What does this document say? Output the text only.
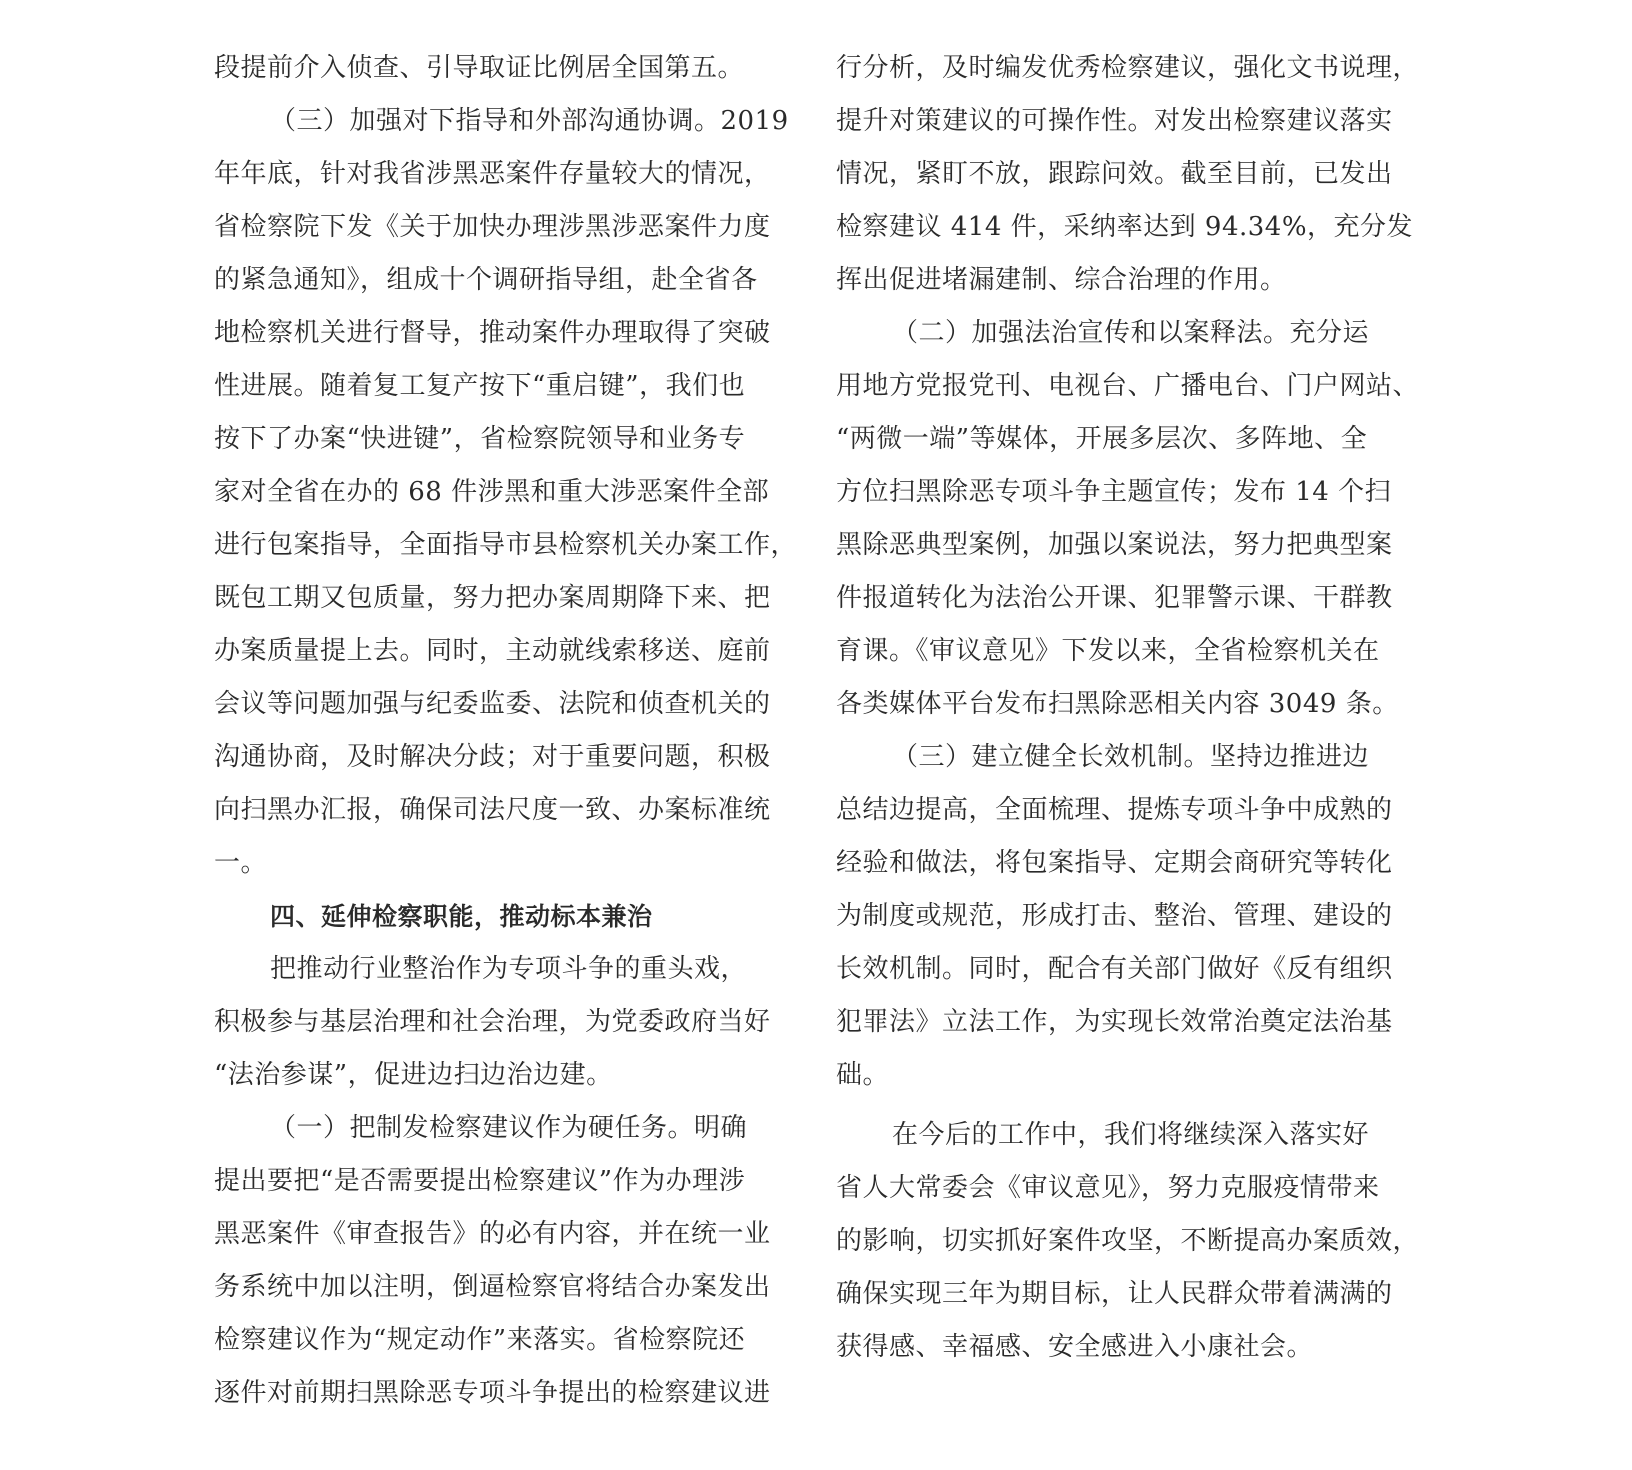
段提前介入侦查、引导取证比例居全国第五。
（三）加强对下指导和外部沟通协调。2019
年年底，针对我省涉黑恶案件存量较大的情况，
省检察院下发《关于加快办理涉黑涉恶案件力度
的紧急通知》，组成十个调研指导组，赴全省各
地检察机关进行督导，推动案件办理取得了突破
性进展。随着复工复产按下“重启键”，我们也
按下了办案“快进键”，省检察院领导和业务专
家对全省在办的 68 件涉黑和重大涉恶案件全部
进行包案指导，全面指导市县检察机关办案工作，
既包工期又包质量，努力把办案周期降下来、把
办案质量提上去。同时，主动就线索移送、庭前
会议等问题加强与纪委监委、法院和侦查机关的
沟通协商，及时解决分歧；对于重要问题，积极
向扫黑办汇报，确保司法尺度一致、办案标准统
一。
四、延伸检察职能，推动标本兼治
把推动行业整治作为专项斗争的重头戏，
积极参与基层治理和社会治理，为党委政府当好
“法治参谋”，促进边扫边治边建。
（一）把制发检察建议作为硬任务。明确
提出要把“是否需要提出检察建议”作为办理涉
黑恶案件《审查报告》的必有内容，并在统一业
务系统中加以注明，倒逼检察官将结合办案发出
检察建议作为“规定动作”来落实。省检察院还
逐件对前期扫黑除恶专项斗争提出的检察建议进
行分析，及时编发优秀检察建议，强化文书说理，
提升对策建议的可操作性。对发出检察建议落实
情况，紧盯不放，跟踪问效。截至目前，已发出
检察建议 414 件，采纳率达到 94.34%，充分发
挥出促进堵漏建制、综合治理的作用。
（二）加强法治宣传和以案释法。充分运
用地方党报党刊、电视台、广播电台、门户网站、
“两微一端”等媒体，开展多层次、多阵地、全
方位扫黑除恶专项斗争主题宣传；发布 14 个扫
黑除恶典型案例，加强以案说法，努力把典型案
件报道转化为法治公开课、犯罪警示课、干群教
育课。《审议意见》下发以来，全省检察机关在
各类媒体平台发布扫黑除恶相关内容 3049 条。
（三）建立健全长效机制。坚持边推进边
总结边提高，全面梳理、提炼专项斗争中成熟的
经验和做法，将包案指导、定期会商研究等转化
为制度或规范，形成打击、整治、管理、建设的
长效机制。同时，配合有关部门做好《反有组织
犯罪法》立法工作，为实现长效常治奠定法治基
础。
在今后的工作中，我们将继续深入落实好
省人大常委会《审议意见》，努力克服疫情带来
的影响，切实抓好案件攻坚，不断提高办案质效，
确保实现三年为期目标，让人民群众带着满满的
获得感、幸福感、安全感进入小康社会。
